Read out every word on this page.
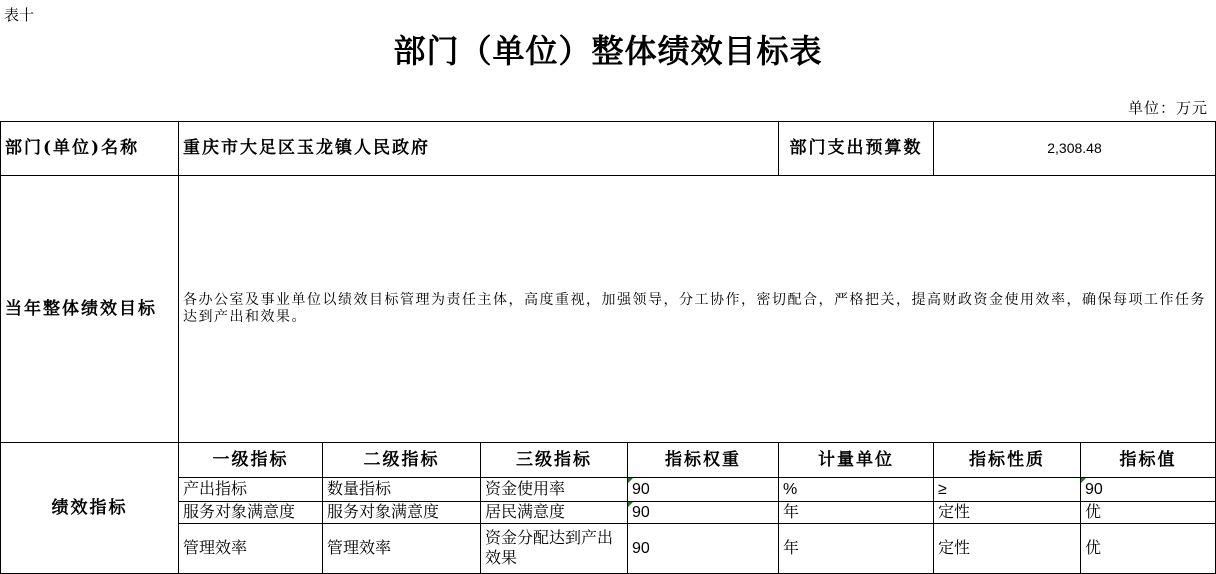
表十
部门（单位）整体绩效目标表
单位：万元
部门(单位)名称	重庆市大足区玉龙镇人民政府				部门支出预算数	2,308.48	
当年整体绩效目标	各办公室及事业单位以绩效目标管理为责任主体，高度重视，加强领导，分工协作，密切配合，严格把关，提高财政资金使用效率，确保每项工作任务达到产出和效果。						
绩效指标	一级指标	二级指标	三级指标	指标权重	计量单位	指标性质	指标值
	产出指标	数量指标	资金使用率	90	%	≥	90
	服务对象满意度	服务对象满意度	居民满意度	90	年	定性	优
	管理效率	管理效率	资金分配达到产出效果	90	年	定性	优
